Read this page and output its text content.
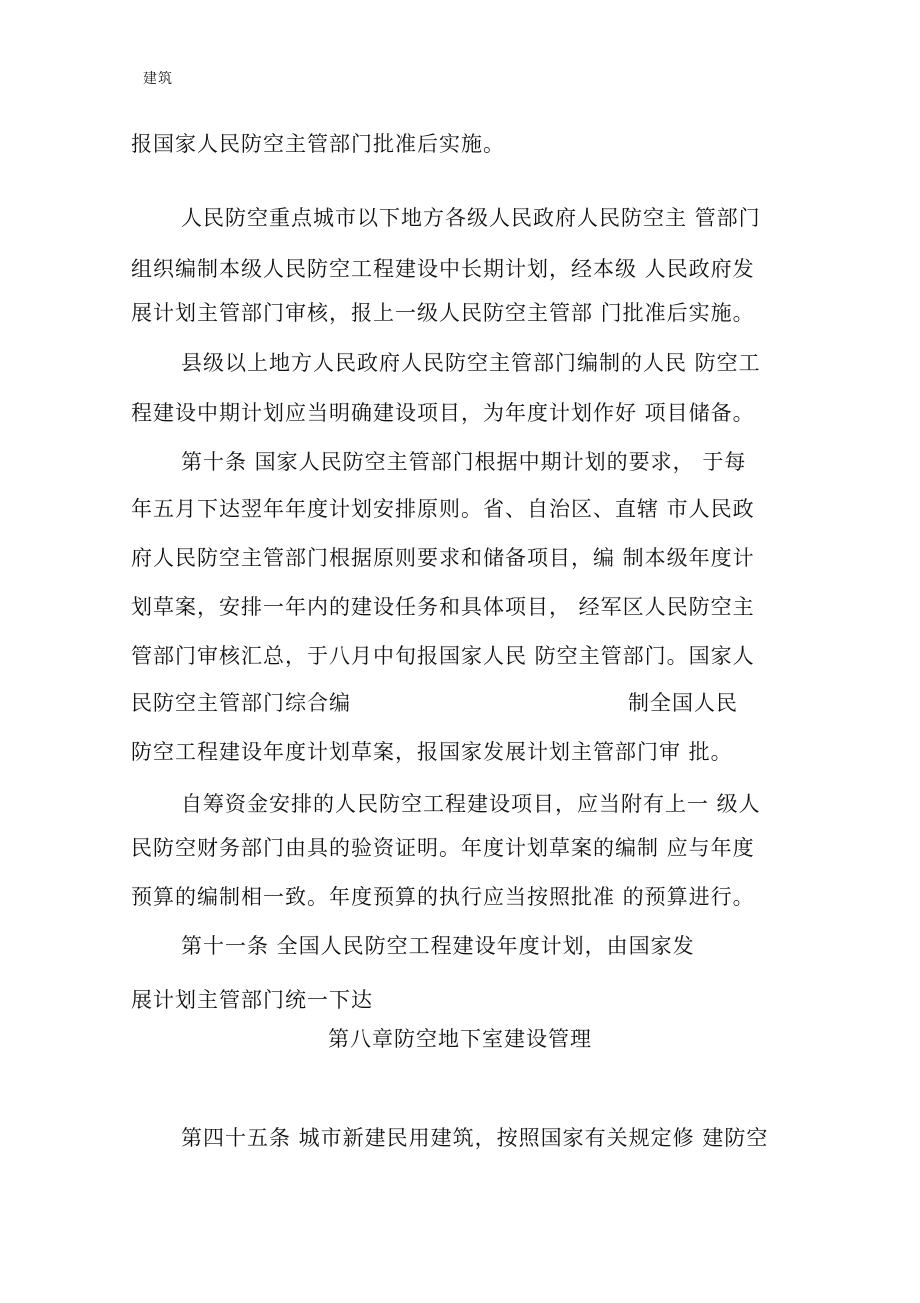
建筑
报国家人民防空主管部门批准后实施。
人民防空重点城市以下地方各级人民政府人民防空主 管部门
组织编制本级人民防空工程建设中长期计划，经本级 人民政府发
展计划主管部门审核，报上一级人民防空主管部 门批准后实施。
县级以上地方人民政府人民防空主管部门编制的人民 防空工
程建设中期计划应当明确建设项目，为年度计划作好 项目储备。
第十条 国家人民防空主管部门根据中期计划的要求， 于每
年五月下达翌年年度计划安排原则。省、自治区、直辖 市人民政
府人民防空主管部门根据原则要求和储备项目，编 制本级年度计
划草案，安排一年内的建设任务和具体项目， 经军区人民防空主
管部门审核汇总，于八月中旬报国家人民 防空主管部门。国家人
民防空主管部门综合编	制全国人民
防空工程建设年度计划草案，报国家发展计划主管部门审 批。
自筹资金安排的人民防空工程建设项目，应当附有上一 级人
民防空财务部门由具的验资证明。年度计划草案的编制 应与年度
预算的编制相一致。年度预算的执行应当按照批准 的预算进行。
第十一条 全国人民防空工程建设年度计划，由国家发
展计划主管部门统一下达
第八章防空地下室建设管理
第四十五条 城市新建民用建筑，按照国家有关规定修 建防空
